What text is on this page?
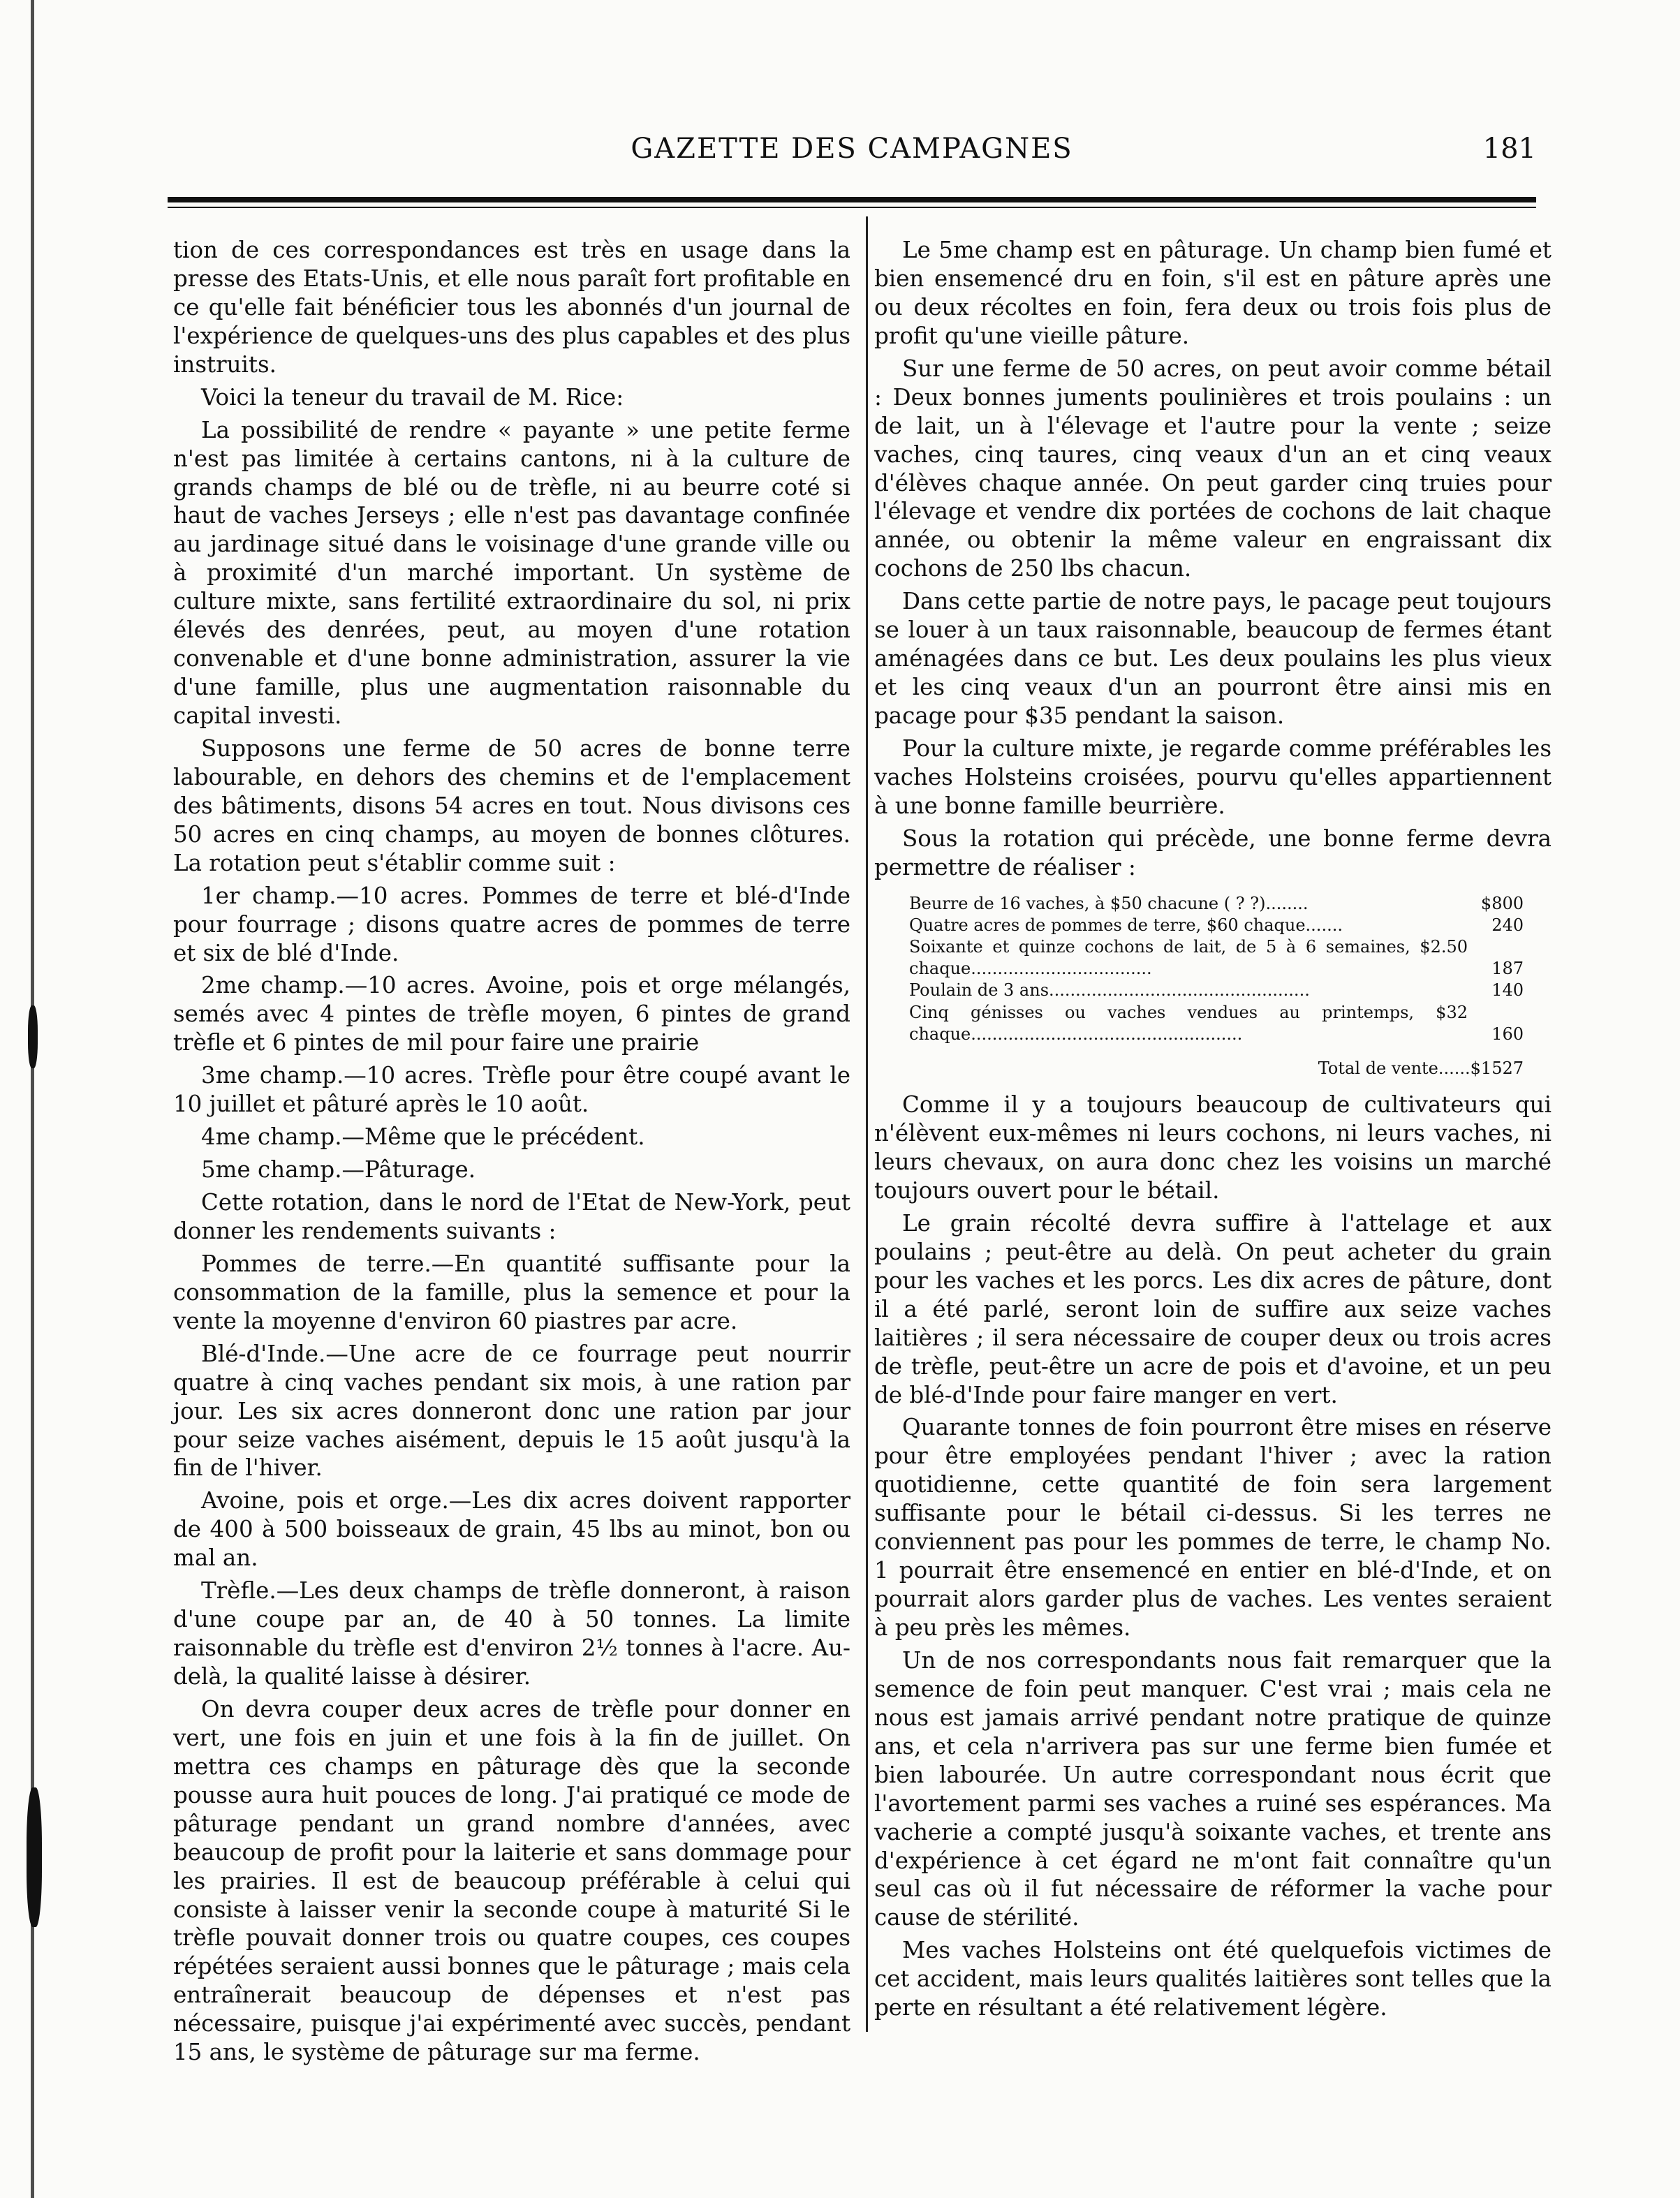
GAZETTE DES CAMPAGNES	181

tion de ces correspondances est très en usage dans la presse des Etats-Unis, et elle nous paraît fort profitable en ce qu'elle fait bénéficier tous les abonnés d'un journal de l'expérience de quelques-uns des plus capables et des plus instruits.

Voici la teneur du travail de M. Rice:

La possibilité de rendre « payante » une petite ferme n'est pas limitée à certains cantons, ni à la culture de grands champs de blé ou de trèfle, ni au beurre coté si haut de vaches Jerseys ; elle n'est pas davantage confinée au jardinage situé dans le voisinage d'une grande ville ou à proximité d'un marché important. Un système de culture mixte, sans fertilité extraordinaire du sol, ni prix élevés des denrées, peut, au moyen d'une rotation convenable et d'une bonne administration, assurer la vie d'une famille, plus une augmentation raisonnable du capital investi.

Supposons une ferme de 50 acres de bonne terre labourable, en dehors des chemins et de l'emplacement des bâtiments, disons 54 acres en tout. Nous divisons ces 50 acres en cinq champs, au moyen de bonnes clôtures. La rotation peut s'établir comme suit :

1er champ.—10 acres. Pommes de terre et blé-d'Inde pour fourrage ; disons quatre acres de pommes de terre et six de blé d'Inde.

2me champ.—10 acres. Avoine, pois et orge mélangés, semés avec 4 pintes de trèfle moyen, 6 pintes de grand trèfle et 6 pintes de mil pour faire une prairie

3me champ.—10 acres. Trèfle pour être coupé avant le 10 juillet et pâturé après le 10 août.

4me champ.—Même que le précédent.

5me champ.—Pâturage.

Cette rotation, dans le nord de l'Etat de New-York, peut donner les rendements suivants :

Pommes de terre.—En quantité suffisante pour la consommation de la famille, plus la semence et pour la vente la moyenne d'environ 60 piastres par acre.

Blé-d'Inde.—Une acre de ce fourrage peut nourrir quatre à cinq vaches pendant six mois, à une ration par jour. Les six acres donneront donc une ration par jour pour seize vaches aisément, depuis le 15 août jusqu'à la fin de l'hiver.

Avoine, pois et orge.—Les dix acres doivent rapporter de 400 à 500 boisseaux de grain, 45 lbs au minot, bon ou mal an.

Trèfle.—Les deux champs de trèfle donneront, à raison d'une coupe par an, de 40 à 50 tonnes. La limite raisonnable du trèfle est d'environ 2½ tonnes à l'acre. Au-delà, la qualité laisse à désirer.

On devra couper deux acres de trèfle pour donner en vert, une fois en juin et une fois à la fin de juillet. On mettra ces champs en pâturage dès que la seconde pousse aura huit pouces de long. J'ai pratiqué ce mode de pâturage pendant un grand nombre d'années, avec beaucoup de profit pour la laiterie et sans dommage pour les prairies. Il est de beaucoup préférable à celui qui consiste à laisser venir la seconde coupe à maturité Si le trèfle pouvait donner trois ou quatre coupes, ces coupes répétées seraient aussi bonnes que le pâturage ; mais cela entraînerait beaucoup de dépenses et n'est pas nécessaire, puisque j'ai expérimenté avec succès, pendant 15 ans, le système de pâturage sur ma ferme.

Le 5me champ est en pâturage. Un champ bien fumé et bien ensemencé dru en foin, s'il est en pâture après une ou deux récoltes en foin, fera deux ou trois fois plus de profit qu'une vieille pâture.

Sur une ferme de 50 acres, on peut avoir comme bétail : Deux bonnes juments poulinières et trois poulains : un de lait, un à l'élevage et l'autre pour la vente ; seize vaches, cinq taures, cinq veaux d'un an et cinq veaux d'élèves chaque année. On peut garder cinq truies pour l'élevage et vendre dix portées de cochons de lait chaque année, ou obtenir la même valeur en engraissant dix cochons de 250 lbs chacun.

Dans cette partie de notre pays, le pacage peut toujours se louer à un taux raisonnable, beaucoup de fermes étant aménagées dans ce but. Les deux poulains les plus vieux et les cinq veaux d'un an pourront être ainsi mis en pacage pour $35 pendant la saison.

Pour la culture mixte, je regarde comme préférables les vaches Holsteins croisées, pourvu qu'elles appartiennent à une bonne famille beurrière.

Sous la rotation qui précède, une bonne ferme devra permettre de réaliser :

Beurre de 16 vaches, à $50 chacune ( ? ?)........	$800
Quatre acres de pommes de terre, $60 chaque.......	240
Soixante et quinze cochons de lait, de 5 à 6 semaines, $2.50 chaque..................................	187
Poulain de 3 ans.................................................	140
Cinq génisses ou vaches vendues au printemps, $32 chaque...................................................	160
Total de vente......$1527

Comme il y a toujours beaucoup de cultivateurs qui n'élèvent eux-mêmes ni leurs cochons, ni leurs vaches, ni leurs chevaux, on aura donc chez les voisins un marché toujours ouvert pour le bétail.

Le grain récolté devra suffire à l'attelage et aux poulains ; peut-être au delà. On peut acheter du grain pour les vaches et les porcs. Les dix acres de pâture, dont il a été parlé, seront loin de suffire aux seize vaches laitières ; il sera nécessaire de couper deux ou trois acres de trèfle, peut-être un acre de pois et d'avoine, et un peu de blé-d'Inde pour faire manger en vert.

Quarante tonnes de foin pourront être mises en réserve pour être employées pendant l'hiver ; avec la ration quotidienne, cette quantité de foin sera largement suffisante pour le bétail ci-dessus. Si les terres ne conviennent pas pour les pommes de terre, le champ No. 1 pourrait être ensemencé en entier en blé-d'Inde, et on pourrait alors garder plus de vaches. Les ventes seraient à peu près les mêmes.

Un de nos correspondants nous fait remarquer que la semence de foin peut manquer. C'est vrai ; mais cela ne nous est jamais arrivé pendant notre pratique de quinze ans, et cela n'arrivera pas sur une ferme bien fumée et bien labourée. Un autre correspondant nous écrit que l'avortement parmi ses vaches a ruiné ses espérances. Ma vacherie a compté jusqu'à soixante vaches, et trente ans d'expérience à cet égard ne m'ont fait connaître qu'un seul cas où il fut nécessaire de réformer la vache pour cause de stérilité.

Mes vaches Holsteins ont été quelquefois victimes de cet accident, mais leurs qualités laitières sont telles que la perte en résultant a été relativement légère.
